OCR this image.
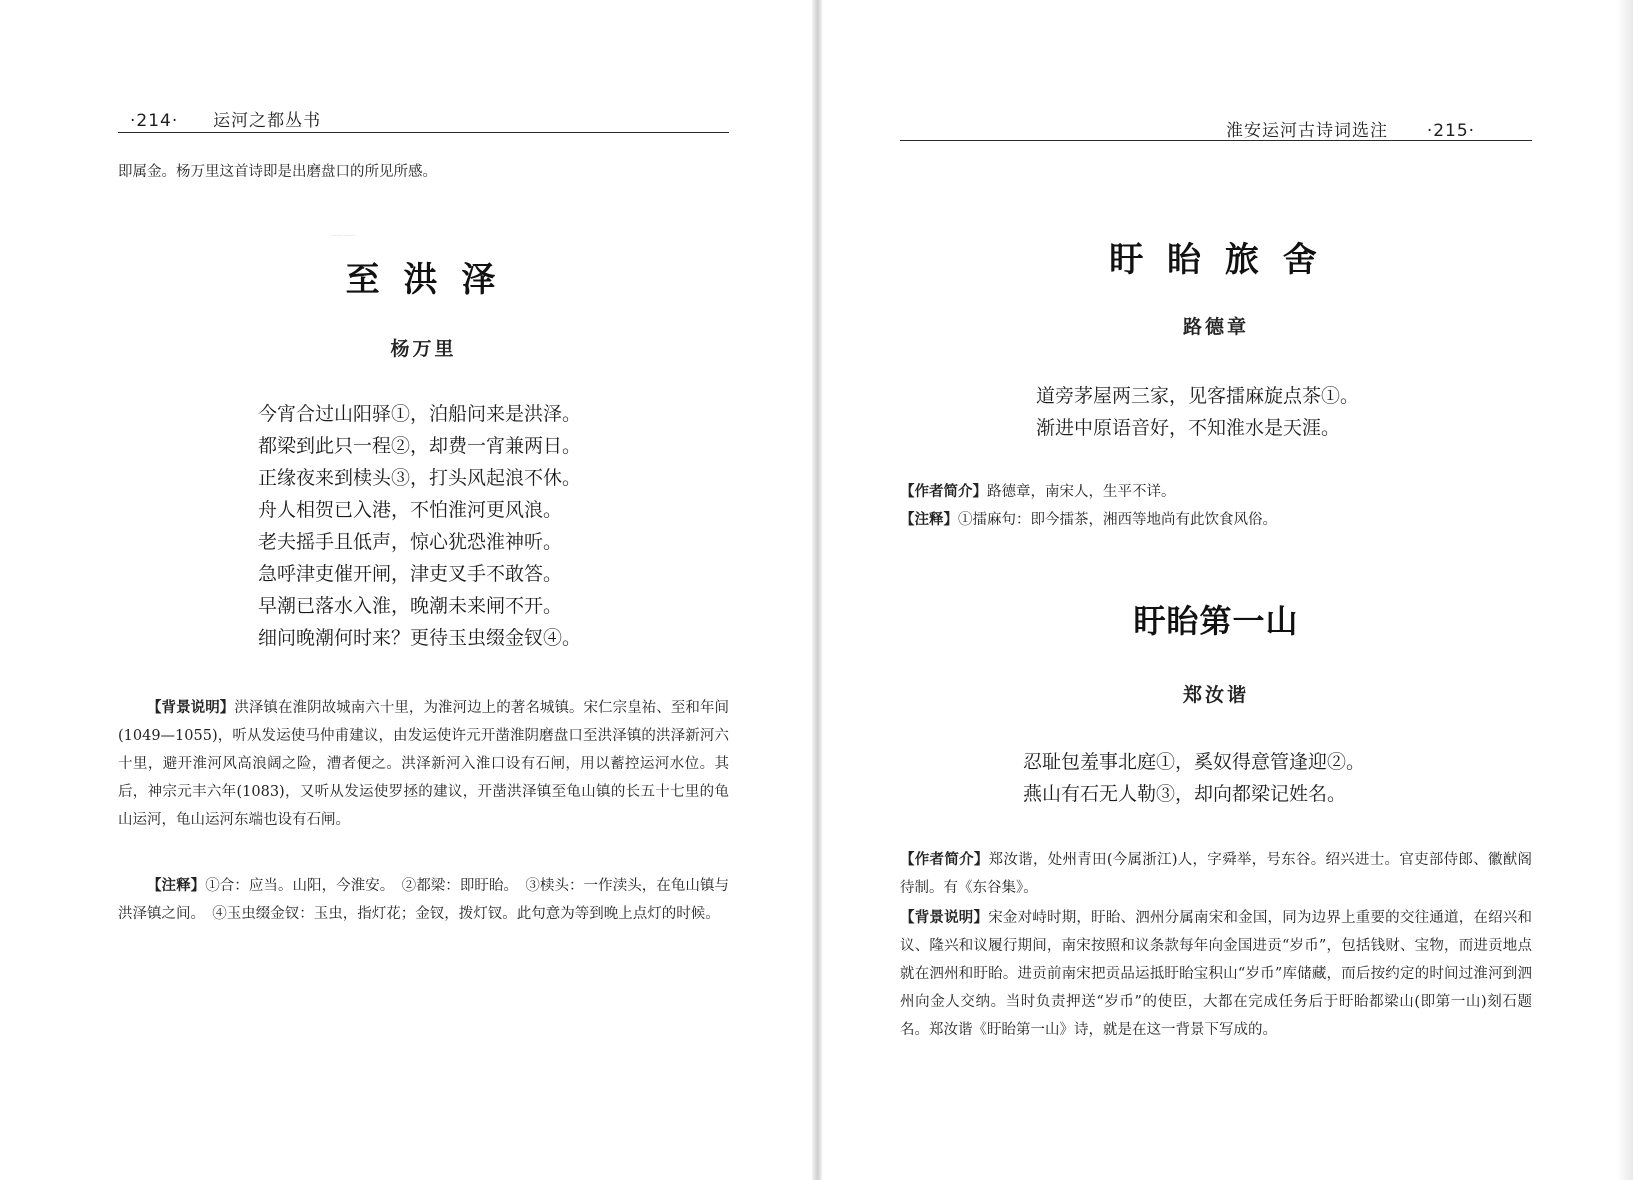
·214· 运河之都丛书

即属金。杨万里这首诗即是出磨盘口的所见所感。

——
至 洪 泽
杨万里
今宵合过山阳驿①，泊船问来是洪泽。
都梁到此只一程②，却费一宵兼两日。
正缘夜来到椟头③，打头风起浪不休。
舟人相贺已入港，不怕淮河更风浪。
老夫摇手且低声，惊心犹恐淮神听。
急呼津吏催开闸，津吏叉手不敢答。
早潮已落水入淮，晚潮未来闸不开。
细问晚潮何时来？更待玉虫缀金钗④。

【背景说明】洪泽镇在淮阴故城南六十里，为淮河边上的著名城镇。宋仁宗皇祐、至和年间(1049—1055)，听从发运使马仲甫建议，由发运使许元开凿淮阴磨盘口至洪泽镇的洪泽新河六十里，避开淮河风高浪阔之险，漕者便之。洪泽新河入淮口设有石闸，用以蓄控运河水位。其后，神宗元丰六年(1083)，又听从发运使罗拯的建议，开凿洪泽镇至龟山镇的长五十七里的龟山运河，龟山运河东端也设有石闸。

【注释】①合：应当。山阳，今淮安。　②都梁：即盱眙。　③椟头：一作渎头，在龟山镇与洪泽镇之间。　④玉虫缀金钗：玉虫，指灯花；金钗，拨灯钗。此句意为等到晚上点灯的时候。

淮安运河古诗词选注 ·215·
盱 眙 旅 舍
路德章
道旁茅屋两三家，见客擂麻旋点茶①。
渐进中原语音好，不知淮水是天涯。

【作者简介】路德章，南宋人，生平不详。

【注释】①擂麻句：即今擂茶，湘西等地尚有此饮食风俗。

盱眙第一山
郑汝谐
忍耻包羞事北庭①，奚奴得意管逢迎②。
燕山有石无人勒③，却向都梁记姓名。

【作者简介】郑汝谐，处州青田(今属浙江)人，字舜举，号东谷。绍兴进士。官吏部侍郎、徽猷阁待制。有《东谷集》。

【背景说明】宋金对峙时期，盱眙、泗州分属南宋和金国，同为边界上重要的交往通道，在绍兴和议、隆兴和议履行期间，南宋按照和议条款每年向金国进贡“岁币”，包括钱财、宝物，而进贡地点就在泗州和盱眙。进贡前南宋把贡品运抵盱眙宝积山“岁币”库储藏，而后按约定的时间过淮河到泗州向金人交纳。当时负责押送“岁币”的使臣，大都在完成任务后于盱眙都梁山(即第一山)刻石题名。郑汝谐《盱眙第一山》诗，就是在这一背景下写成的。
